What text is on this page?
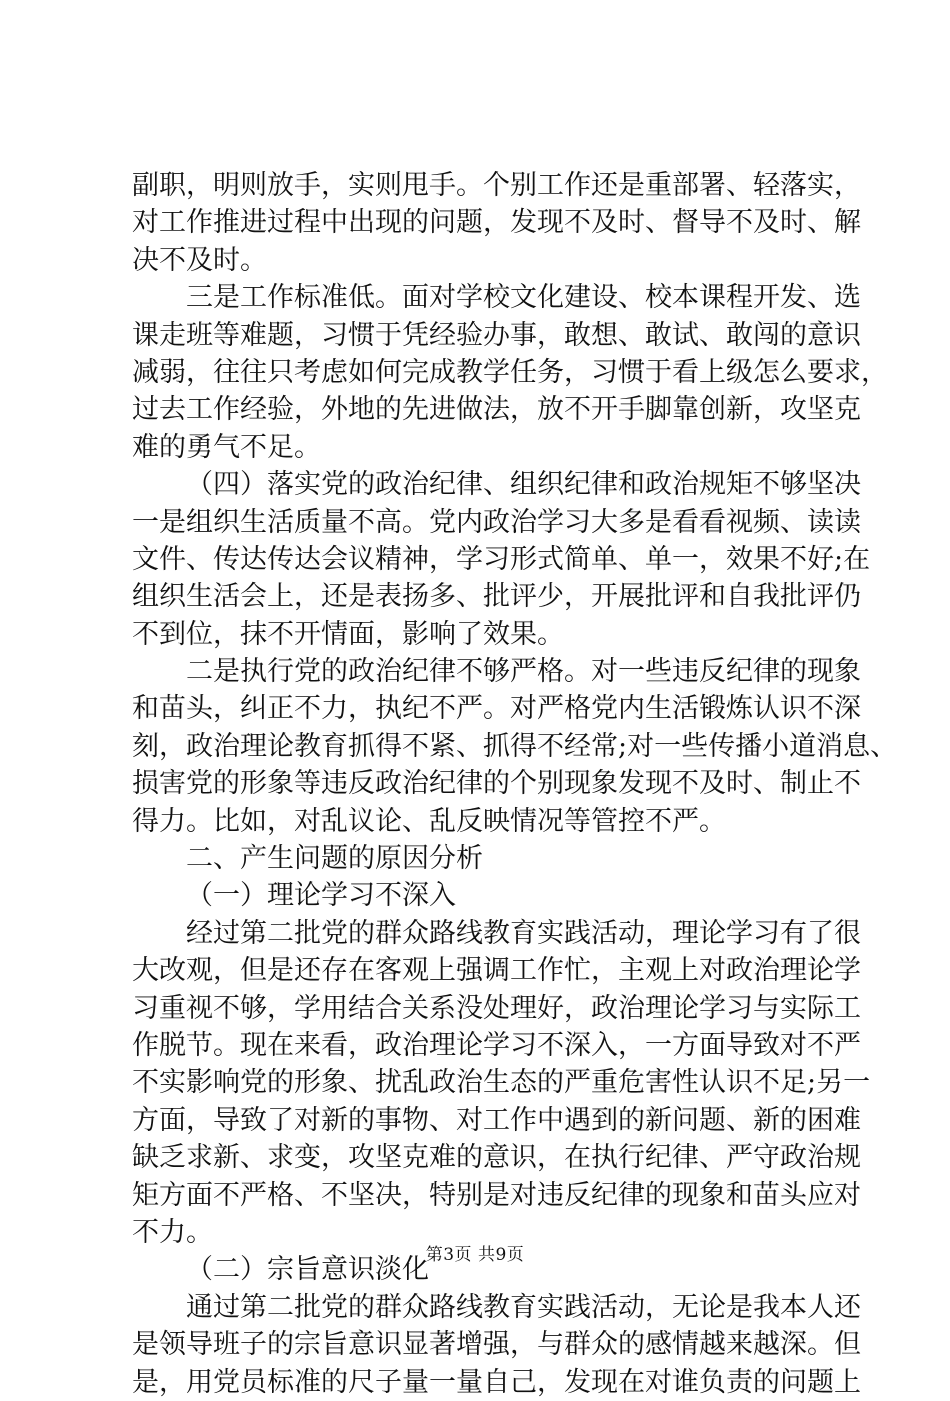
副职，明则放手，实则甩手。个别工作还是重部署、轻落实，
对工作推进过程中出现的问题，发现不及时、督导不及时、解
决不及时。
三是工作标准低。面对学校文化建设、校本课程开发、选
课走班等难题，习惯于凭经验办事，敢想、敢试、敢闯的意识
减弱，往往只考虑如何完成教学任务，习惯于看上级怎么要求，
过去工作经验，外地的先进做法，放不开手脚靠创新，攻坚克
难的勇气不足。
（四）落实党的政治纪律、组织纪律和政治规矩不够坚决
一是组织生活质量不高。党内政治学习大多是看看视频、读读
文件、传达传达会议精神，学习形式简单、单一，效果不好;在
组织生活会上，还是表扬多、批评少，开展批评和自我批评仍
不到位，抹不开情面，影响了效果。
二是执行党的政治纪律不够严格。对一些违反纪律的现象
和苗头，纠正不力，执纪不严。对严格党内生活锻炼认识不深
刻，政治理论教育抓得不紧、抓得不经常;对一些传播小道消息、
损害党的形象等违反政治纪律的个别现象发现不及时、制止不
得力。比如，对乱议论、乱反映情况等管控不严。
二、产生问题的原因分析
（一）理论学习不深入
经过第二批党的群众路线教育实践活动，理论学习有了很
大改观，但是还存在客观上强调工作忙，主观上对政治理论学
习重视不够，学用结合关系没处理好，政治理论学习与实际工
作脱节。现在来看，政治理论学习不深入，一方面导致对不严
不实影响党的形象、扰乱政治生态的严重危害性认识不足;另一
方面，导致了对新的事物、对工作中遇到的新问题、新的困难
缺乏求新、求变，攻坚克难的意识，在执行纪律、严守政治规
矩方面不严格、不坚决，特别是对违反纪律的现象和苗头应对
不力。
（二）宗旨意识淡化
通过第二批党的群众路线教育实践活动，无论是我本人还
是领导班子的宗旨意识显著增强，与群众的感情越来越深。但
是，用党员标准的尺子量一量自己，发现在对谁负责的问题上
第3页 共9页
